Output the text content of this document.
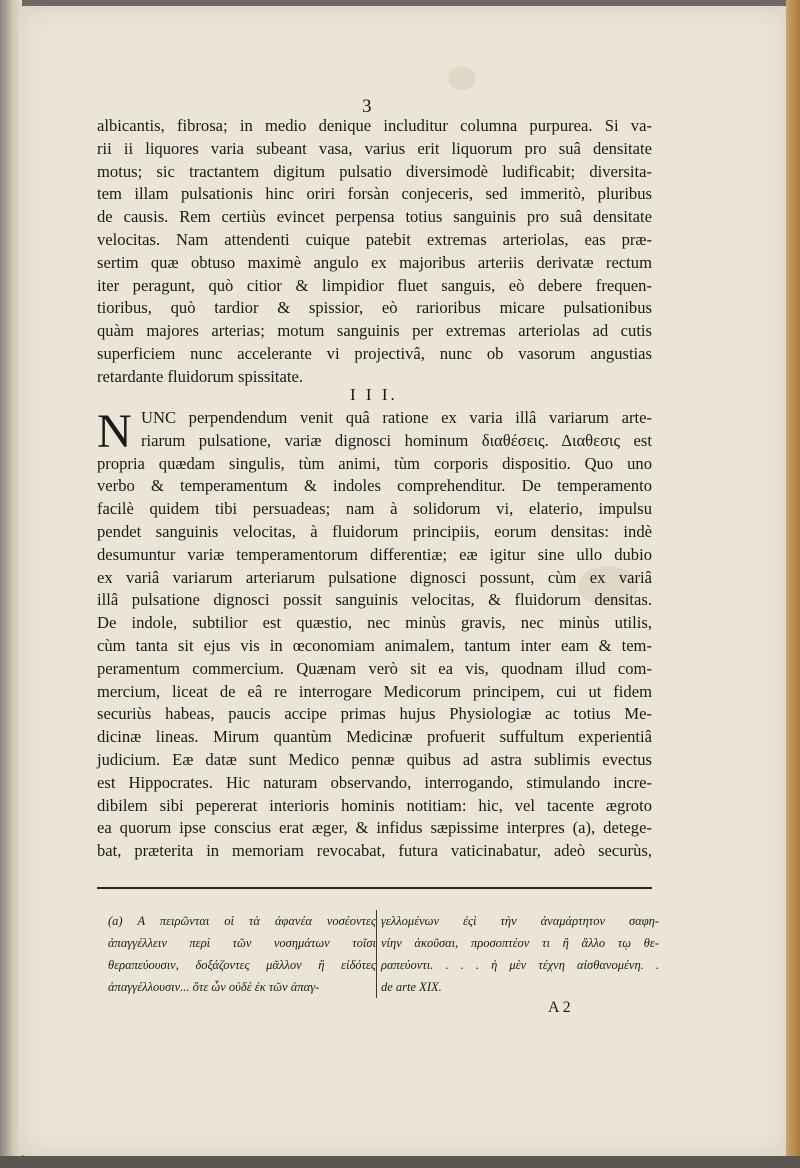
3
albicantis, fibrosa; in medio denique includitur columna purpurea. Si va-
rii ii liquores varia subeant vasa, varius erit liquorum pro suâ densitate
motus; sic tractantem digitum pulsatio diversimodè ludificabit; diversita-
tem illam pulsationis hinc oriri forsàn conjeceris, sed immeritò, pluribus
de causis. Rem certiùs evincet perpensa totius sanguinis pro suâ densitate
velocitas. Nam attendenti cuique patebit extremas arteriolas, eas præ-
sertim quæ obtuso maximè angulo ex majoribus arteriis derivatæ rectum
iter peragunt, quò citior & limpidior fluet sanguis, eò debere frequen-
tioribus, quò tardior & spissior, eò rarioribus micare pulsationibus
quàm majores arterias; motum sanguinis per extremas arteriolas ad cutis
superficiem nunc accelerante vi projectivâ, nunc ob vasorum angustias
retardante fluidorum spissitate.
I I I.
N UNC perpendendum venit quâ ratione ex varia illâ variarum arte-
riarum pulsatione, variæ dignosci hominum διαθέσεις. Διαθεσις est
propria quædam singulis, tùm animi, tùm corporis dispositio. Quo uno
verbo & temperamentum & indoles comprehenditur. De temperamento
facilè quidem tibi persuadeas; nam à solidorum vi, elaterio, impulsu
pendet sanguinis velocitas, à fluidorum principiis, eorum densitas: indè
desumuntur variæ temperamentorum differentiæ; eæ igitur sine ullo dubio
ex variâ variarum arteriarum pulsatione dignosci possunt, cùm ex variâ
illâ pulsatione dignosci possit sanguinis velocitas, & fluidorum densitas.
De indole, subtilior est quæstio, nec minùs gravis, nec minùs utilis,
cùm tanta sit ejus vis in œconomiam animalem, tantum inter eam & tem-
peramentum commercium. Quænam verò sit ea vis, quodnam illud com-
mercium, liceat de eâ re interrogare Medicorum principem, cui ut fidem
securiùs habeas, paucis accipe primas hujus Physiologiæ ac totius Me-
dicinæ lineas. Mirum quantùm Medicinæ profuerit suffultum experientiâ
judicium. Eæ datæ sunt Medico pennæ quibus ad astra sublimis evectus
est Hippocrates. Hic naturam observando, interrogando, stimulando incre-
dibilem sibi pepererat interioris hominis notitiam: hic, vel tacente ægroto
ea quorum ipse conscius erat æger, & infidus sæpissime interpres (a), detege-
bat, præterita in memoriam revocabat, futura vaticinabatur, adeò securùs,
(a) Α πειρῶνται οἱ τὰ ἀφανέα νοσέοντες
ἀπαγγέλλειν περὶ τῶν νοσημάτων τοῖσι
θεραπεύουσιν, δοξάζοντες μᾶλλον ἢ εἰδότες
ἀπαγγέλλουσιν... ὅτε ὧν οὐδὲ ἐκ τῶν ἀπαγ-
γελλομένων ἐςὶ τὴν ἀναμάρτητον σαφη-
νίην ἀκοῦσαι, προσοπτέον τι ἢ ἄλλο τῳ θε-
ραπεύοντι. . . . ἡ μὲν τέχνη αἰσθανομένη. .
de arte XIX.
A 2
